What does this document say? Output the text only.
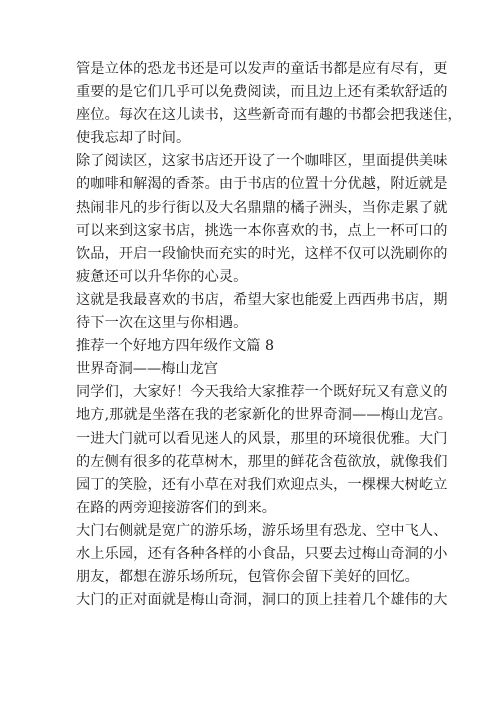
管是立体的恐龙书还是可以发声的童话书都是应有尽有，更
重要的是它们几乎可以免费阅读，而且边上还有柔软舒适的
座位。每次在这儿读书，这些新奇而有趣的书都会把我迷住，
使我忘却了时间。
除了阅读区，这家书店还开设了一个咖啡区，里面提供美味
的咖啡和解渴的香茶。由于书店的位置十分优越，附近就是
热闹非凡的步行街以及大名鼎鼎的橘子洲头，当你走累了就
可以来到这家书店，挑选一本你喜欢的书，点上一杯可口的
饮品，开启一段愉快而充实的时光，这样不仅可以洗刷你的
疲惫还可以升华你的心灵。
这就是我最喜欢的书店，希望大家也能爱上西西弗书店，期
待下一次在这里与你相遇。
推荐一个好地方四年级作文篇 8
世界奇洞——梅山龙宫
同学们，大家好！今天我给大家推荐一个既好玩又有意义的
地方,那就是坐落在我的老家新化的世界奇洞——梅山龙宫。
一进大门就可以看见迷人的风景，那里的环境很优雅。大门
的左侧有很多的花草树木，那里的鲜花含苞欲放，就像我们
园丁的笑脸，还有小草在对我们欢迎点头，一棵棵大树屹立
在路的两旁迎接游客们的到来。
大门右侧就是宽广的游乐场，游乐场里有恐龙、空中飞人、
水上乐园，还有各种各样的小食品，只要去过梅山奇洞的小
朋友，都想在游乐场所玩，包管你会留下美好的回忆。
大门的正对面就是梅山奇洞，洞口的顶上挂着几个雄伟的大
